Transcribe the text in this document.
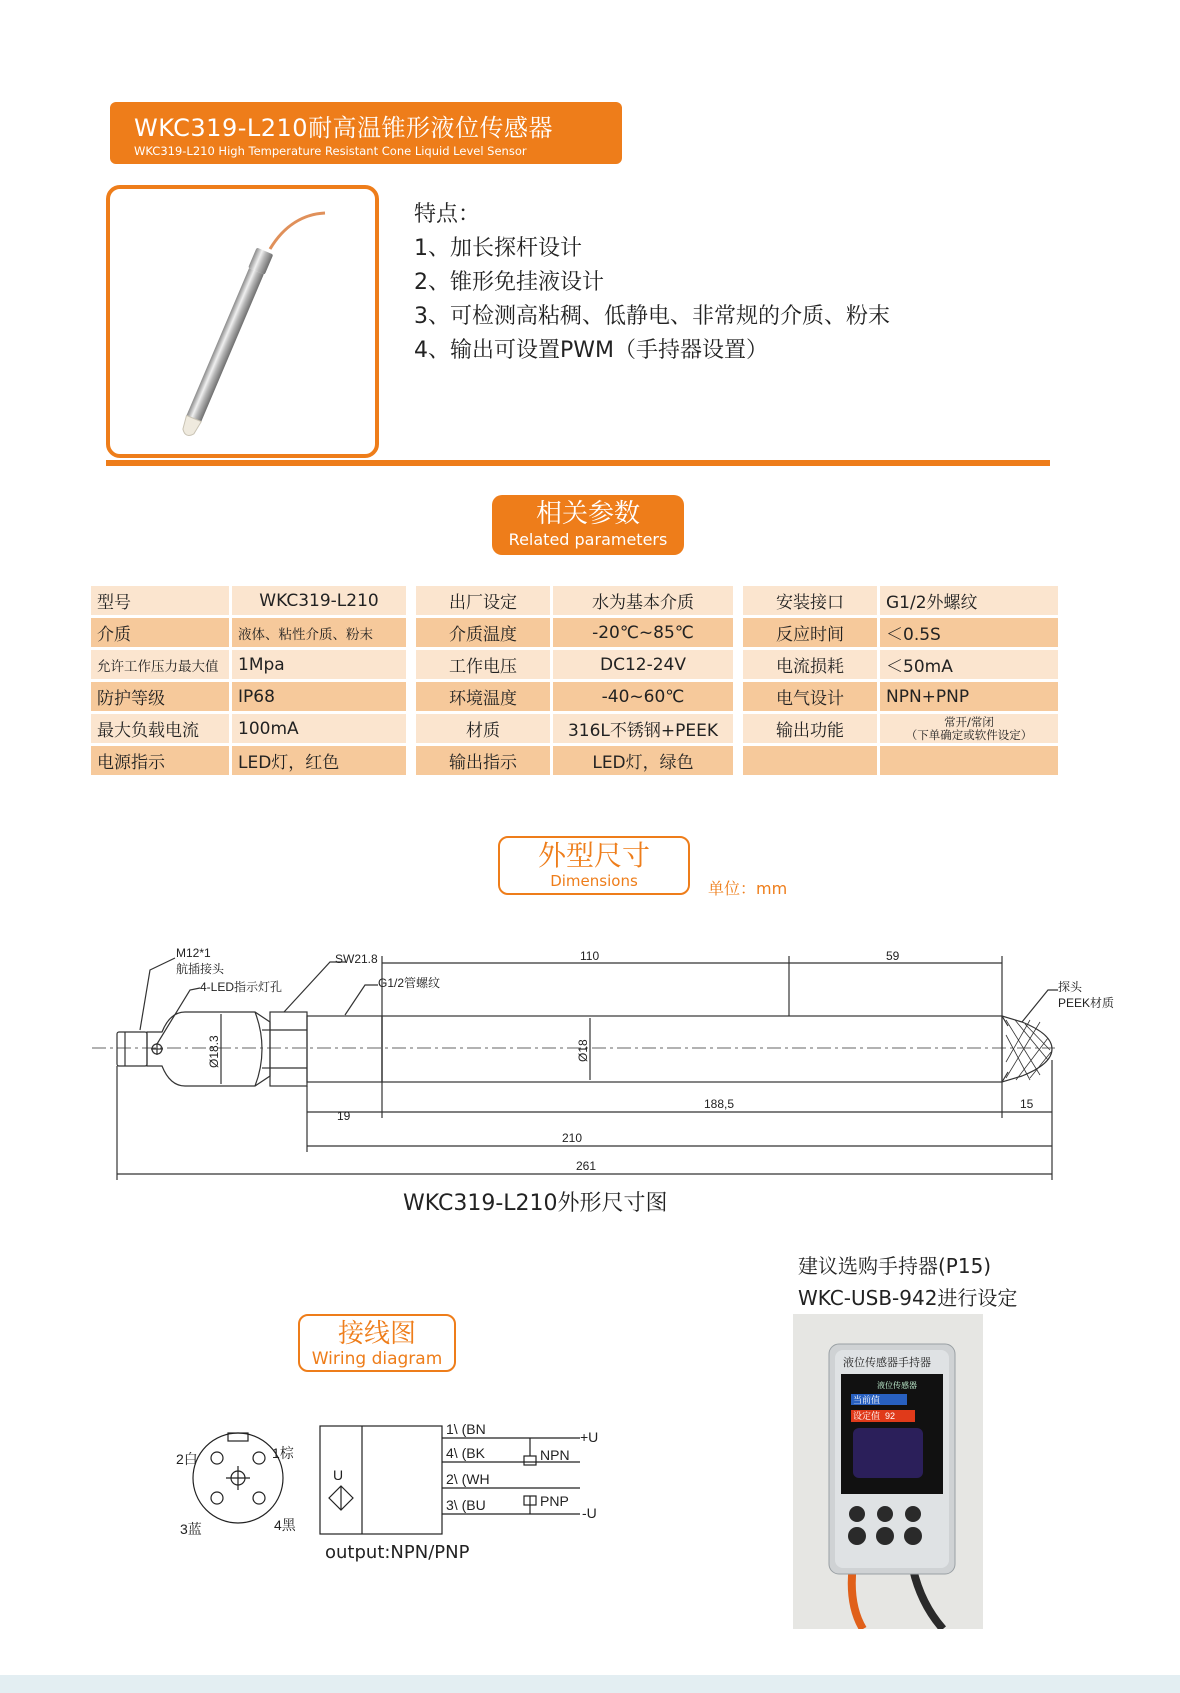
WKC319-L210耐高温锥形液位传感器
WKC319-L210 High Temperature Resistant Cone Liquid Level Sensor
特点：
1、加长探杆设计
2、锥形免挂液设计
3、可检测高粘稠、低静电、非常规的介质、粉末
4、输出可设置PWM（手持器设置）
相关参数
Related parameters
型号	WKC319-L210		出厂设定	水为基本介质		安装接口	G1/2外螺纹
介质	液体、粘性介质、粉末		介质温度	-20℃~85℃		反应时间	＜0.5S
允许工作压力最大值	1Mpa		工作电压	DC12-24V		电流损耗	＜50mA
防护等级	IP68		环境温度	-40~60℃		电气设计	NPN+PNP
最大负载电流	100mA		材质	316L不锈钢+PEEK		输出功能	常开/常闭
（下单确定或软件设定）
电源指示	LED灯，红色		输出指示	LED灯，绿色			
外型尺寸
Dimensions	单位：mm
M12*1
航插接头
4-LED指示灯孔
SW21.8
G1/2管螺纹	探头
PEEK材质
110	59
Ø18.3	Ø18
19
188,5	15
210
261
WKC319-L210外形尺寸图
接线图
Wiring diagram
2白	1棕
3蓝	4黑
U
1\ (BN
4\ (BK
2\ (WH
3\ (BU
+U
NPN
PNP
-U
output:NPN/PNP
建议选购手持器(P15)
WKC-USB-942进行设定
液位传感器手持器
液位传感器
当前值
设定值 92
